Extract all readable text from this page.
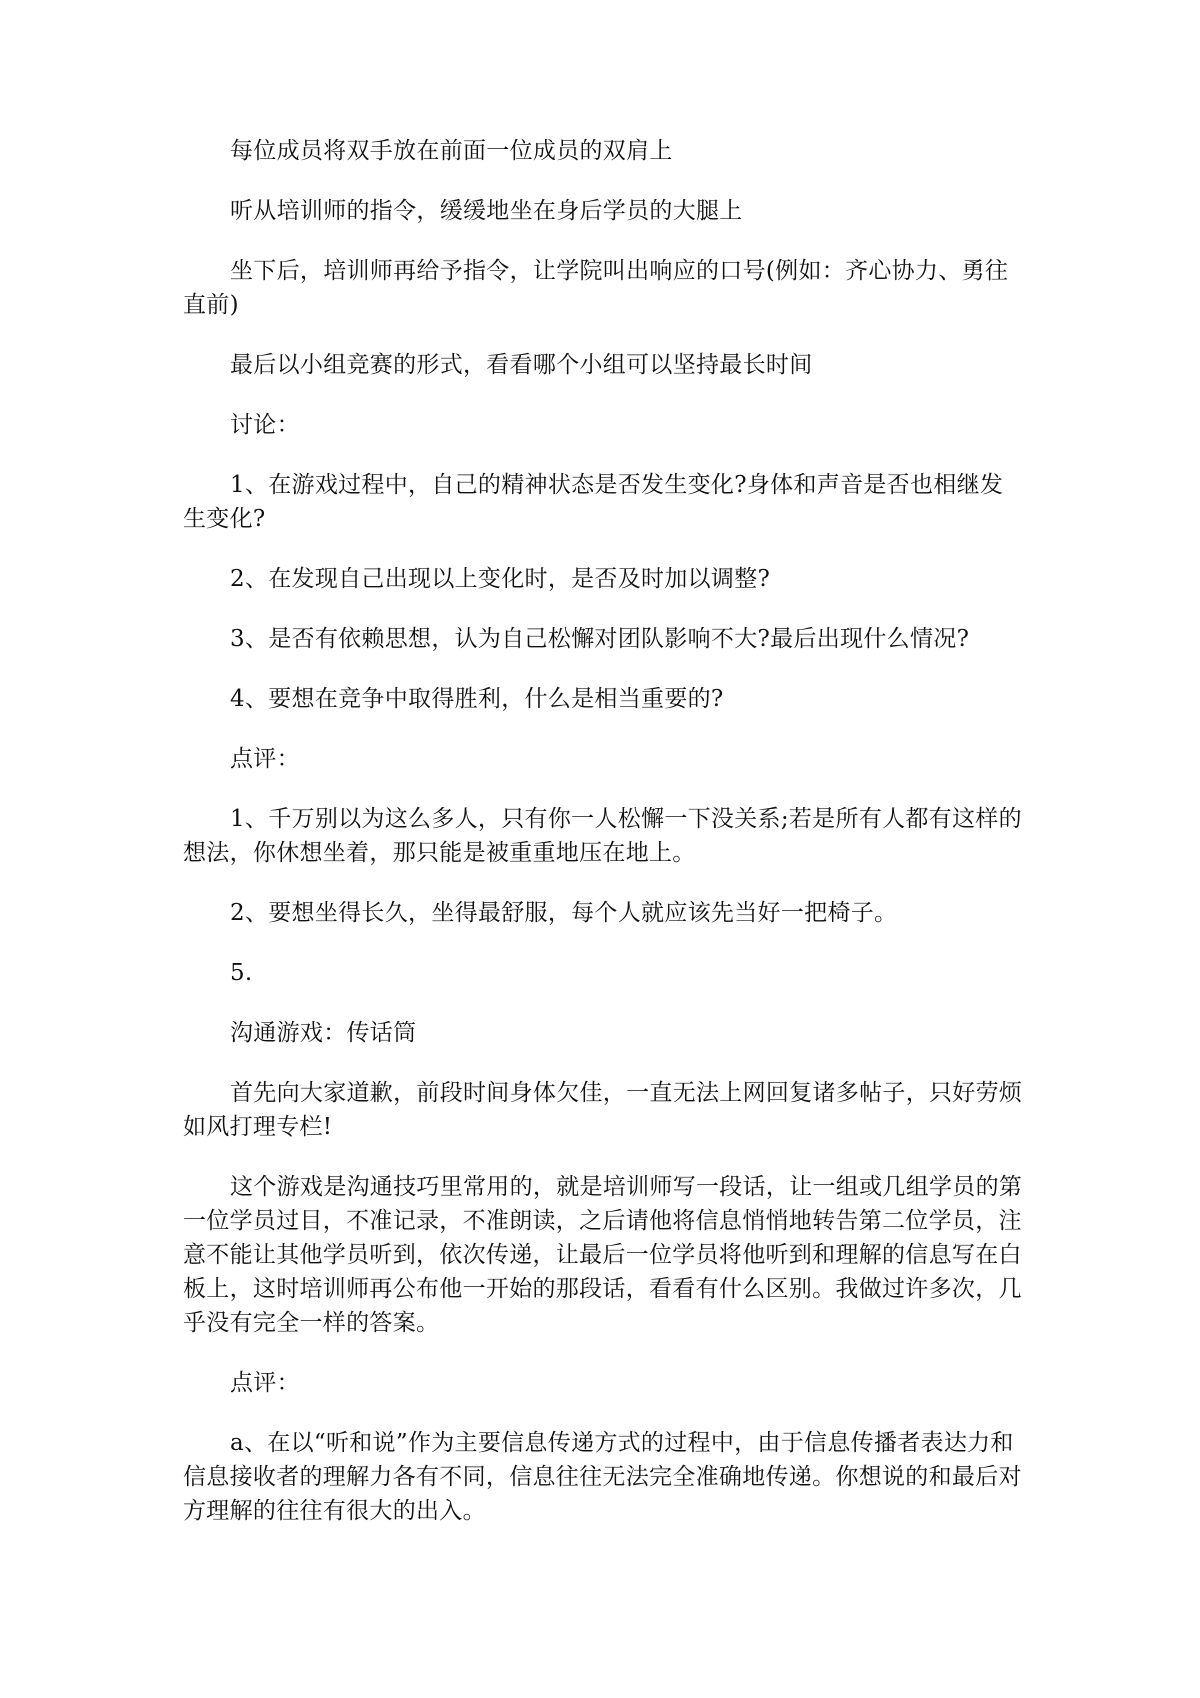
每位成员将双手放在前面一位成员的双肩上

听从培训师的指令，缓缓地坐在身后学员的大腿上

坐下后，培训师再给予指令，让学院叫出响应的口号(例如：齐心协力、勇往直前)

最后以小组竞赛的形式，看看哪个小组可以坚持最长时间

讨论：

1、在游戏过程中，自己的精神状态是否发生变化?身体和声音是否也相继发生变化?

2、在发现自己出现以上变化时，是否及时加以调整?

3、是否有依赖思想，认为自己松懈对团队影响不大?最后出现什么情况?

4、要想在竞争中取得胜利，什么是相当重要的?

点评：

1、千万别以为这么多人，只有你一人松懈一下没关系;若是所有人都有这样的想法，你休想坐着，那只能是被重重地压在地上。

2、要想坐得长久，坐得最舒服，每个人就应该先当好一把椅子。

5.

沟通游戏：传话筒

首先向大家道歉，前段时间身体欠佳，一直无法上网回复诸多帖子，只好劳烦如风打理专栏!

这个游戏是沟通技巧里常用的，就是培训师写一段话，让一组或几组学员的第一位学员过目，不准记录，不准朗读，之后请他将信息悄悄地转告第二位学员，注意不能让其他学员听到，依次传递，让最后一位学员将他听到和理解的信息写在白板上，这时培训师再公布他一开始的那段话，看看有什么区别。我做过许多次，几乎没有完全一样的答案。

点评：

a、在以“听和说”作为主要信息传递方式的过程中，由于信息传播者表达力和信息接收者的理解力各有不同，信息往往无法完全准确地传递。你想说的和最后对方理解的往往有很大的出入。
